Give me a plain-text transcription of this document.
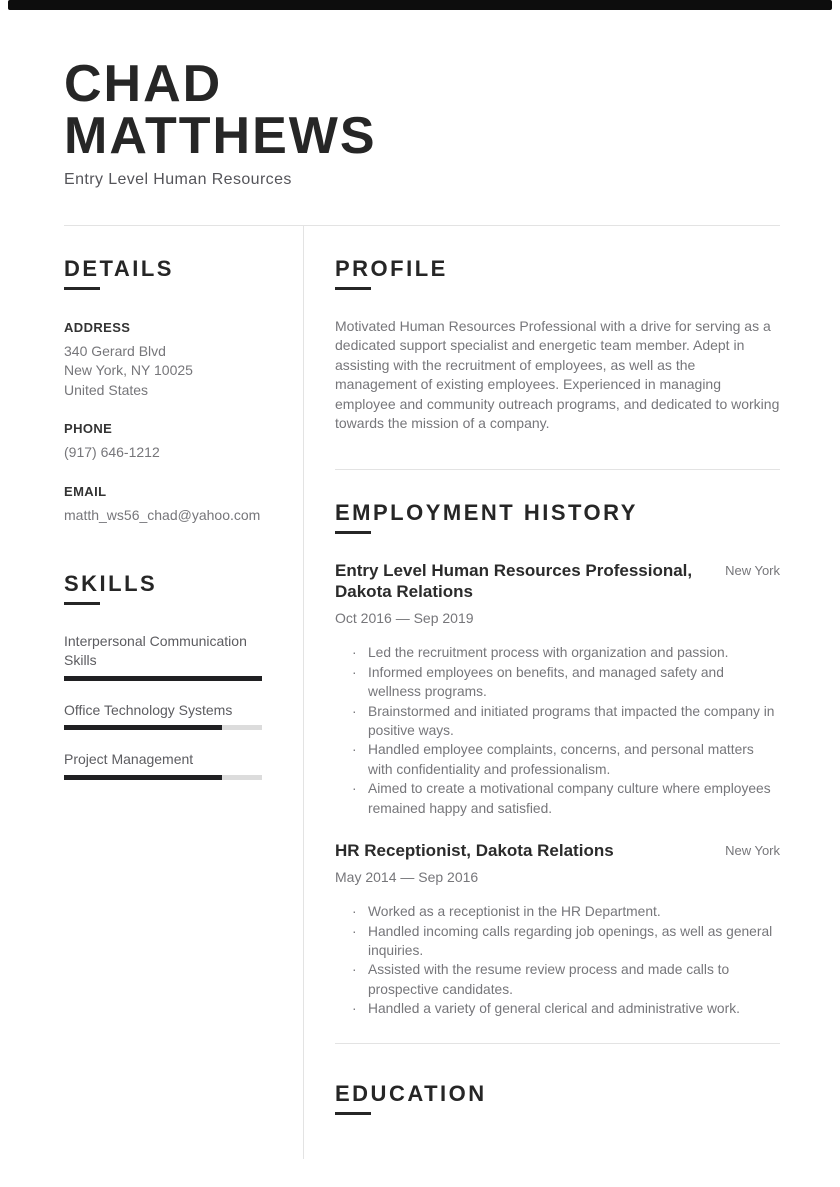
CHAD
MATTHEWS
Entry Level Human Resources
DETAILS
ADDRESS
340 Gerard Blvd
New York, NY 10025
United States
PHONE
(917) 646-1212
EMAIL
matth_ws56_chad@yahoo.com
SKILLS
Interpersonal Communication Skills
Office Technology Systems
Project Management
PROFILE

Motivated Human Resources Professional with a drive for serving as a dedicated support specialist and energetic team member. Adept in assisting with the recruitment of employees, as well as the management of existing employees. Experienced in managing employee and community outreach programs, and dedicated to working towards the mission of a company.

EMPLOYMENT HISTORY
Entry Level Human Resources Professional, Dakota Relations
New York
Oct 2016 — Sep 2019
· Led the recruitment process with organization and passion.
· Informed employees on benefits, and managed safety and wellness programs.
· Brainstormed and initiated programs that impacted the company in positive ways.
· Handled employee complaints, concerns, and personal matters with confidentiality and professionalism.
· Aimed to create a motivational company culture where employees remained happy and satisfied.
HR Receptionist, Dakota Relations	New York
May 2014 — Sep 2016
· Worked as a receptionist in the HR Department.
· Handled incoming calls regarding job openings, as well as general inquiries.
· Assisted with the resume review process and made calls to prospective candidates.
· Handled a variety of general clerical and administrative work.
EDUCATION
